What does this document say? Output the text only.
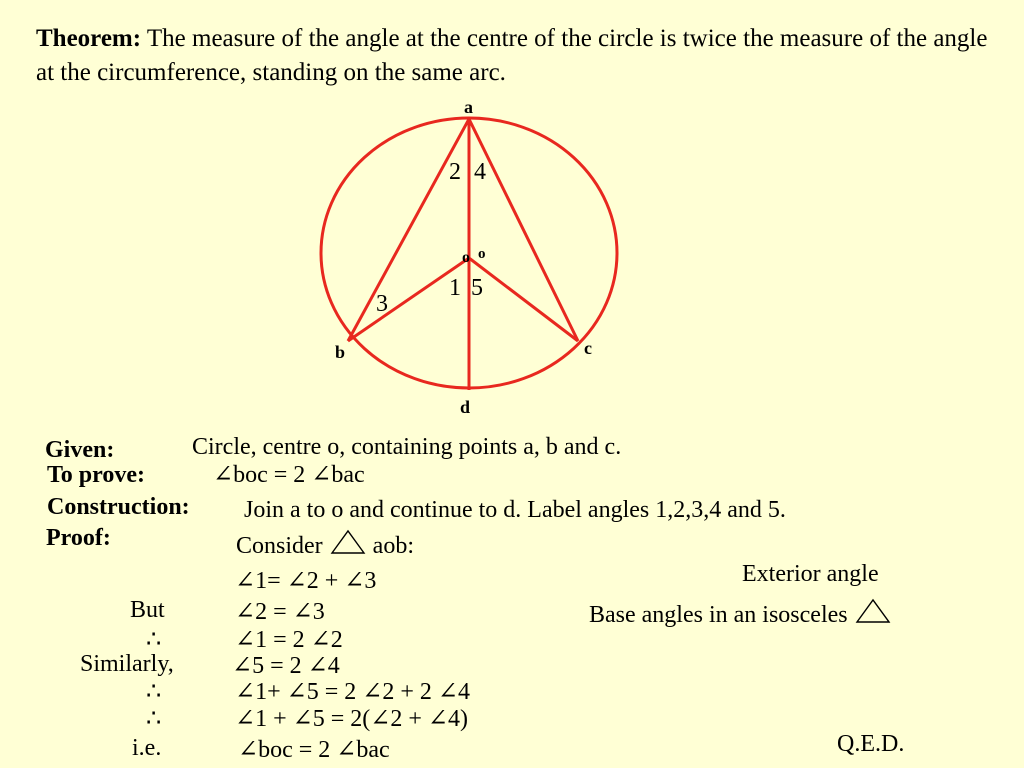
Theorem: The measure of the angle at the centre of the circle is twice the measure of the angle at the circumference, standing on the same arc.
a
b	c
d
o o
2 4
1 5
3
Given:	Circle, centre o, containing points a, b and c.
To prove:	∠boc = 2 ∠bac
Construction: Join a to o and continue to d. Label angles 1,2,3,4 and 5.
Proof:	Consider  aob:
∠1= ∠2 + ∠3	Exterior angle
But	∠2 = ∠3	Base angles in an isosceles
∴	∠1 = 2 ∠2
Similarly, ∠5 = 2 ∠4
∴	∠1+ ∠5 = 2 ∠2 + 2 ∠4
∴	∠1 + ∠5 = 2(∠2 + ∠4)
i.e.	∠boc = 2 ∠bac	Q.E.D.
